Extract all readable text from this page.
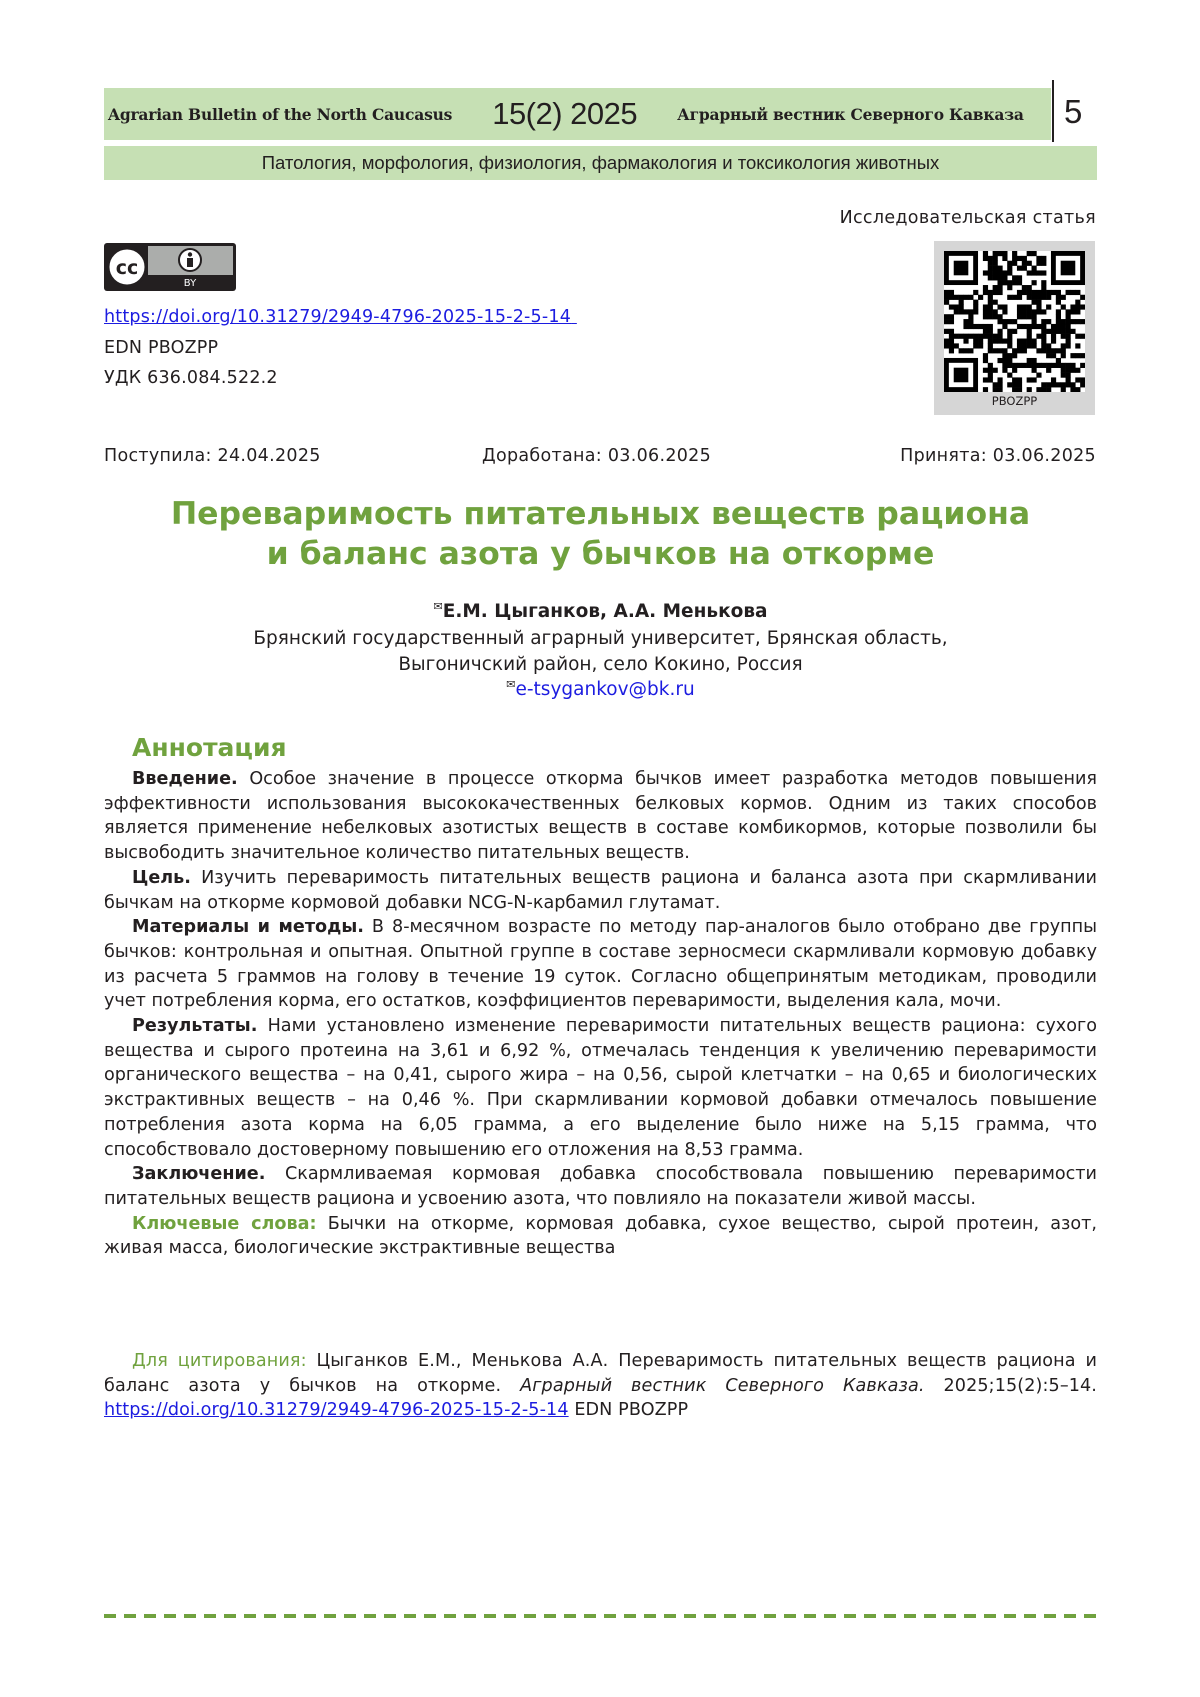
Agrarian Bulletin of the North Caucasus 15(2) 2025	Аграрный вестник Северного Кавказа 5
Патология, морфология, физиология, фармакология и токсикология животных
Исследовательская статья
cc
BY
PBOZPP
https://doi.org/10.31279/2949-4796-2025-15-2-5-14
EDN PBOZPP
УДК 636.084.522.2
Поступила: 24.04.2025	Доработана: 03.06.2025	Принята: 03.06.2025
Переваримость питательных веществ рациона
и баланс азота у бычков на откорме
✉Е.М. Цыганков, А.А. Менькова
Брянский государственный аграрный университет, Брянская область,
Выгоничский район, село Кокино, Россия
✉e-tsygankov@bk.ru
Аннотация

Введение. Особое значение в процессе откорма бычков имеет разработка методов повышения эффективности использования высококачественных белковых кормов. Одним из таких способов является применение небелковых азотистых веществ в составе комбикормов, которые позволили бы высвободить значительное количество питательных веществ.

Цель. Изучить переваримость питательных веществ рациона и баланса азота при скармливании бычкам на откорме кормовой добавки NCG-N-карбамил глутамат.

Материалы и методы. В 8-месячном возрасте по методу пар-аналогов было отобрано две группы бычков: контрольная и опытная. Опытной группе в составе зерносмеси скармливали кормовую добавку из расчета 5 граммов на голову в течение 19 суток. Согласно общепринятым методикам, проводили учет потребления корма, его остатков, коэффициентов переваримости, выделения кала, мочи.

Результаты. Нами установлено изменение переваримости питательных веществ рациона: сухого вещества и сырого протеина на 3,61 и 6,92 %, отмечалась тенденция к увеличению переваримости органического вещества – на 0,41, сырого жира – на 0,56, сырой клетчатки – на 0,65 и биологических экстрактивных веществ – на 0,46 %. При скармливании кормовой добавки отмечалось повышение потребления азота корма на 6,05 грамма, а его выделение было ниже на 5,15 грамма, что способствовало достоверному повышению его отложения на 8,53 грамма.

Заключение. Скармливаемая кормовая добавка способствовала повышению переваримости питательных веществ рациона и усвоению азота, что повлияло на показатели живой массы.

Ключевые слова: Бычки на откорме, кормовая добавка, сухое вещество, сырой протеин, азот, живая масса, биологические экстрактивные вещества

Для цитирования: Цыганков Е.М., Менькова А.А. Переваримость питательных веществ рациона и баланс азота у бычков на откорме. Аграрный вестник Северного Кавказа. 2025;15(2):5–14. https://doi.org/10.31279/2949-4796-2025-15-2-5-14 EDN PBOZPP
